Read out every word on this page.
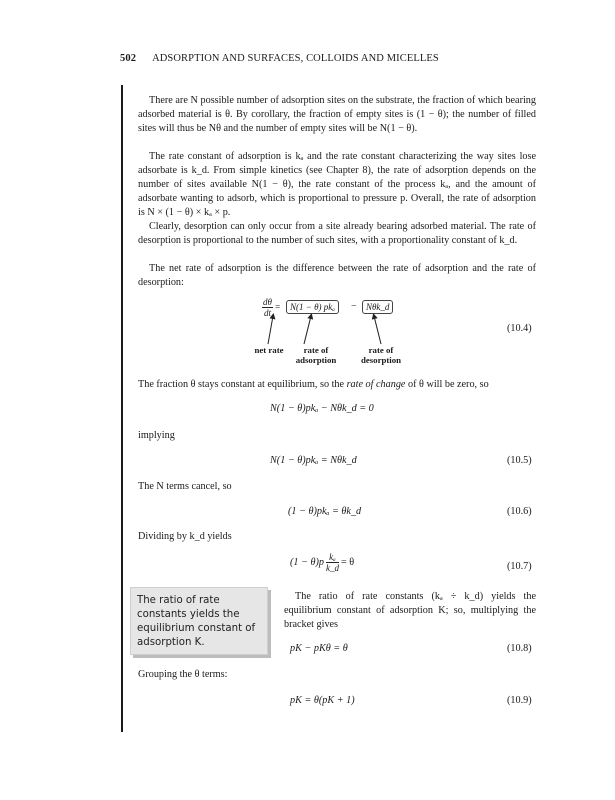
502 ADSORPTION AND SURFACES, COLLOIDS AND MICELLES
There are N possible number of adsorption sites on the substrate, the fraction of which bearing adsorbed material is θ. By corollary, the fraction of empty sites is (1 − θ); the number of filled sites will thus be Nθ and the number of empty sites will be N(1 − θ).
The rate constant of adsorption is kₐ and the rate constant characterizing the way sites lose adsorbate is k_d. From simple kinetics (see Chapter 8), the rate of adsorption depends on the number of sites available N(1 − θ), the rate constant of the process kₐ, and the amount of adsorbate wanting to adsorb, which is proportional to pressure p. Overall, the rate of adsorption is N × (1 − θ) × kₐ × p.
Clearly, desorption can only occur from a site already bearing adsorbed material. The rate of desorption is proportional to the number of such sites, with a proportionality constant of k_d.
The net rate of adsorption is the difference between the rate of adsorption and the rate of desorption:
$\frac{d\theta}{dt}$ =	N(1 − θ) pkₐ	−	Nθk_d
net rate	rate of adsorption
rate of desorption
(10.4)
The fraction θ stays constant at equilibrium, so the rate of change of θ will be zero, so
N(1 − θ)pkₐ − Nθk_d = 0
implying
N(1 − θ)pkₐ = Nθk_d	(10.5)
The N terms cancel, so
(1 − θ)pkₐ = θk_d	(10.6)
Dividing by k_d yields
$(1 - \theta)p \frac{\text{kₐ}}{k\_d} = \theta$	(10.7)

The ratio of rate constants yields the equilibrium constant of adsorption K.

The ratio of rate constants (kₐ ÷ k_d) yields the equilibrium constant of adsorption K; so, multiplying the bracket gives
pK − pKθ = θ	(10.8)
Grouping the θ terms:
pK = θ(pK + 1)	(10.9)
